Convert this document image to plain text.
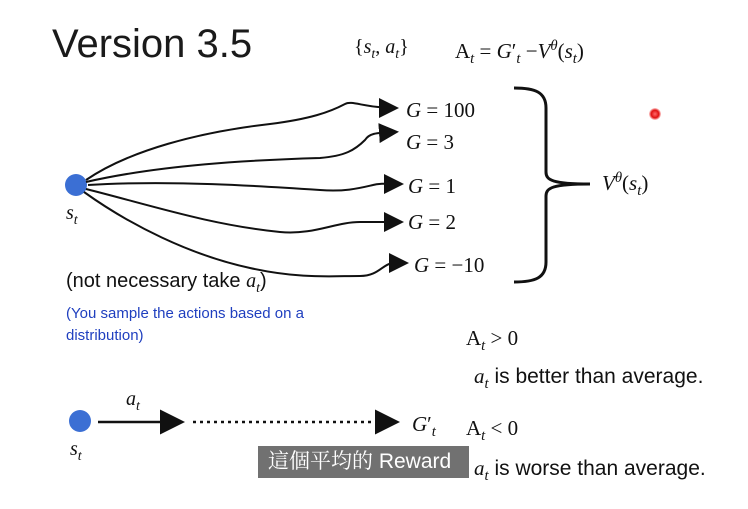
Version 3.5	{$s_t$, $a_t$} $A_t = G'_t -V^\theta(s_t)$
G = 100
G = 3
G = 1
G = 2
G = −10
$V^\theta(s_t)$
$s_t$
(not necessary take $a_t$)
(You sample the actions based on a distribution)	$A_t > 0$
$a_t$ is better than average.
$A_t < 0$
$a_t$ is worse than average.
$a_t$
$s_t$
$G'_t$
這個平均的 Reward
